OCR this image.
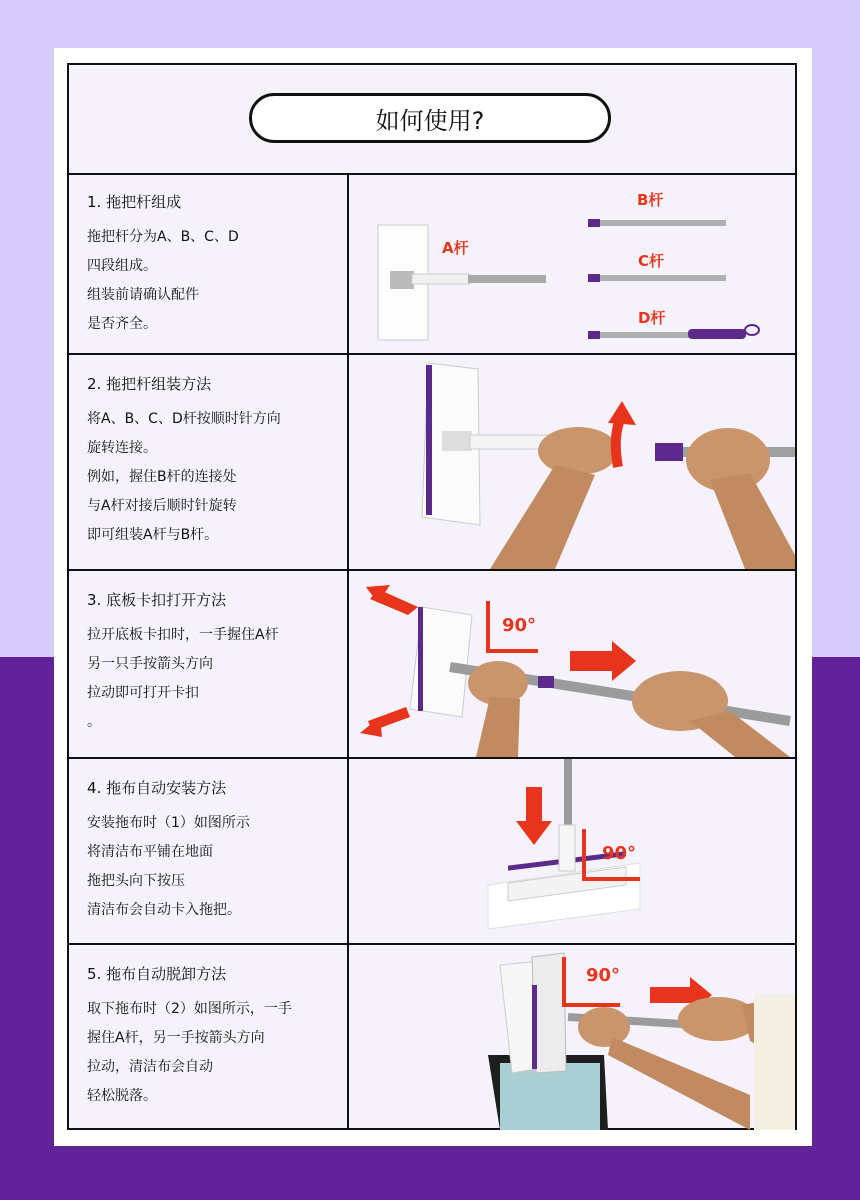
如何使用?
1. 拖把杆组成
拖把杆分为A、B、C、D
四段组成。
组装前请确认配件
是否齐全。
A杆
B杆
C杆
D杆
2. 拖把杆组装方法
将A、B、C、D杆按顺时针方向
旋转连接。
例如，握住B杆的连接处
与A杆对接后顺时针旋转
即可组装A杆与B杆。
3. 底板卡扣打开方法
拉开底板卡扣时，一手握住A杆
另一只手按箭头方向
拉动即可打开卡扣
。
90°
4. 拖布自动安装方法
安装拖布时（1）如图所示
将清洁布平铺在地面
拖把头向下按压
清洁布会自动卡入拖把。
90°
5. 拖布自动脱卸方法
取下拖布时（2）如图所示，一手
握住A杆，另一手按箭头方向
拉动，清洁布会自动
轻松脱落。
90°
